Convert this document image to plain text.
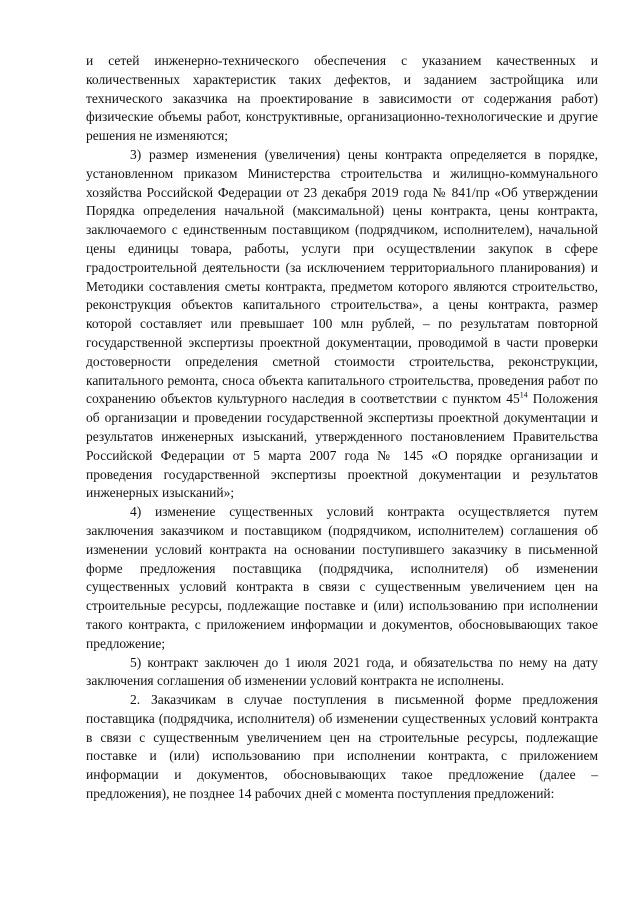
и сетей инженерно-технического обеспечения с указанием качественных и количественных характеристик таких дефектов, и заданием застройщика или технического заказчика на проектирование в зависимости от содержания работ) физические объемы работ, конструктивные, организационно-технологические и другие решения не изменяются;

3) размер изменения (увеличения) цены контракта определяется в порядке, установленном приказом Министерства строительства и жилищно-коммунального хозяйства Российской Федерации от 23 декабря 2019 года № 841/пр «Об утверждении Порядка определения начальной (максимальной) цены контракта, цены контракта, заключаемого с единственным поставщиком (подрядчиком, исполнителем), начальной цены единицы товара, работы, услуги при осуществлении закупок в сфере градостроительной деятельности (за исключением территориального планирования) и Методики составления сметы контракта, предметом которого являются строительство, реконструкция объектов капитального строительства», а цены контракта, размер которой составляет или превышает 100 млн рублей, – по результатам повторной государственной экспертизы проектной документации, проводимой в части проверки достоверности определения сметной стоимости строительства, реконструкции, капитального ремонта, сноса объекта капитального строительства, проведения работ по сохранению объектов культурного наследия в соответствии с пунктом $45^{14}$ Положения об организации и проведении государственной экспертизы проектной документации и результатов инженерных изысканий, утвержденного постановлением Правительства Российской Федерации от 5 марта 2007 года № 145 «О порядке организации и проведения государственной экспертизы проектной документации и результатов инженерных изысканий»;

4) изменение существенных условий контракта осуществляется путем заключения заказчиком и поставщиком (подрядчиком, исполнителем) соглашения об изменении условий контракта на основании поступившего заказчику в письменной форме предложения поставщика (подрядчика, исполнителя) об изменении существенных условий контракта в связи с существенным увеличением цен на строительные ресурсы, подлежащие поставке и (или) использованию при исполнении такого контракта, с приложением информации и документов, обосновывающих такое предложение;

5) контракт заключен до 1 июля 2021 года, и обязательства по нему на дату заключения соглашения об изменении условий контракта не исполнены.

2. Заказчикам в случае поступления в письменной форме предложения поставщика (подрядчика, исполнителя) об изменении существенных условий контракта в связи с существенным увеличением цен на строительные ресурсы, подлежащие поставке и (или) использованию при исполнении контракта, с приложением информации и документов, обосновывающих такое предложение (далее – предложения), не позднее 14 рабочих дней с момента поступления предложений:
